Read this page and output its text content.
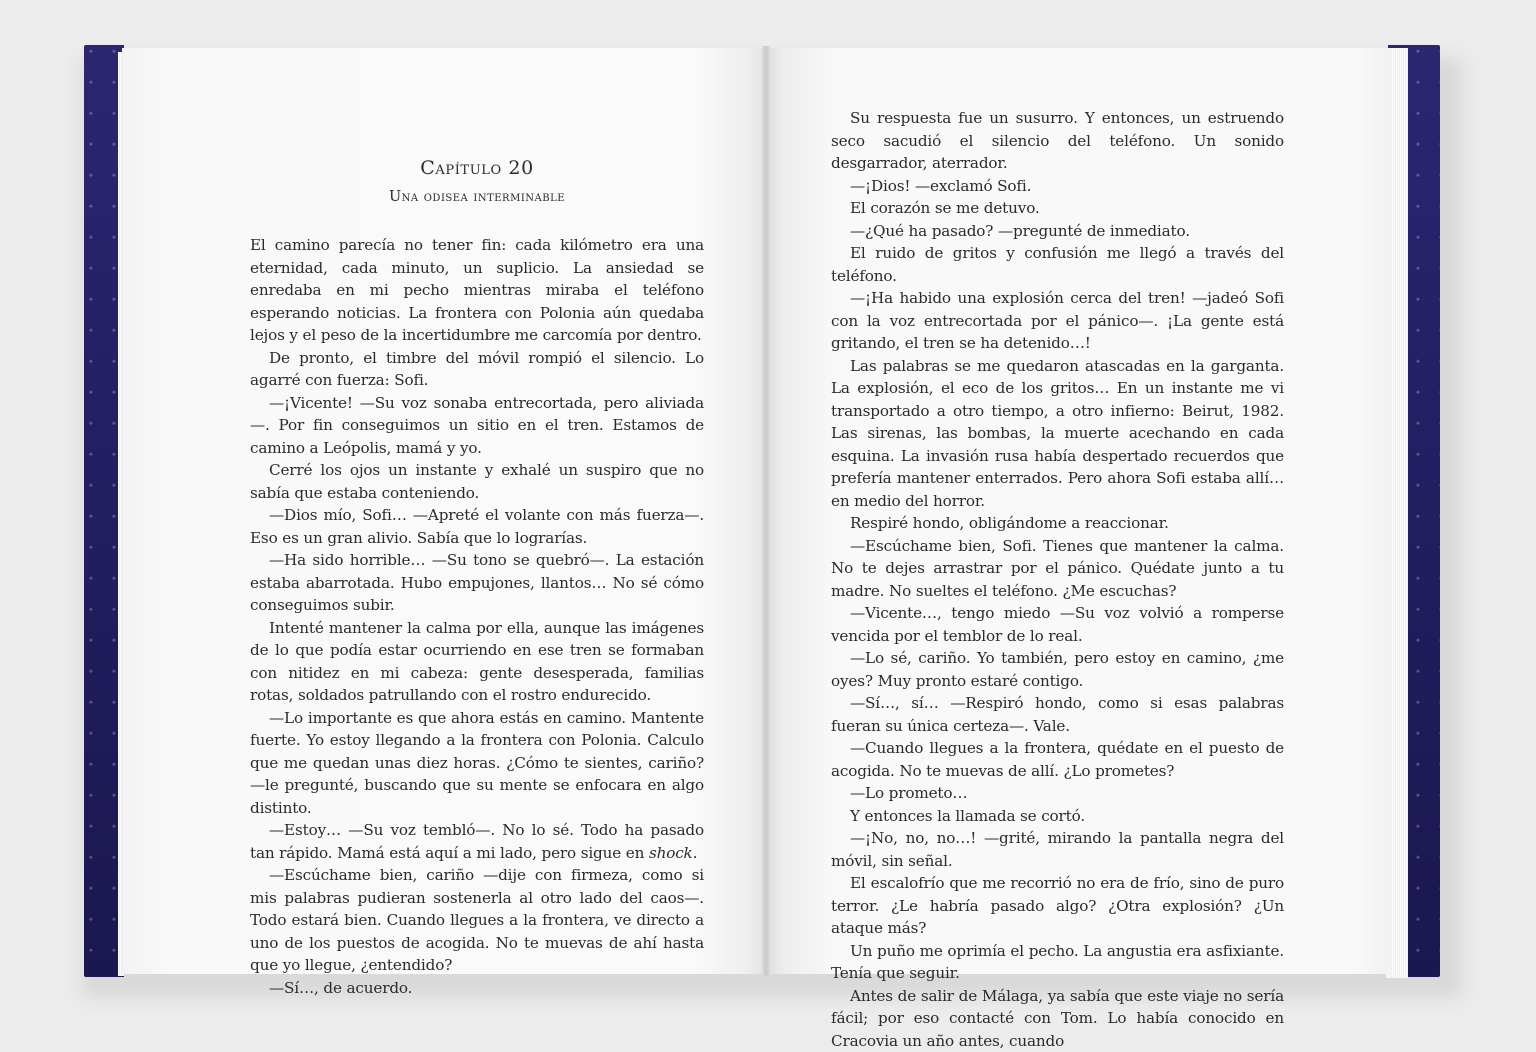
Capítulo 20
Una odisea interminable

El camino parecía no tener fin: cada kilómetro era una eternidad, cada minuto, un suplicio. La ansiedad se enredaba en mi pecho mientras miraba el teléfono esperando noticias. La frontera con Polonia aún quedaba lejos y el peso de la incertidumbre me carcomía por dentro.

De pronto, el timbre del móvil rompió el silencio. Lo agarré con fuerza: Sofi.

—¡Vicente! —Su voz sonaba entrecortada, pero aliviada—. Por fin conseguimos un sitio en el tren. Estamos de camino a Leópolis, mamá y yo.

Cerré los ojos un instante y exhalé un suspiro que no sabía que estaba conteniendo.

—Dios mío, Sofi… —Apreté el volante con más fuerza—. Eso es un gran alivio. Sabía que lo lograrías.

—Ha sido horrible… —Su tono se quebró—. La estación estaba abarrotada. Hubo empujones, llantos… No sé cómo conseguimos subir.

Intenté mantener la calma por ella, aunque las imágenes de lo que podía estar ocurriendo en ese tren se formaban con nitidez en mi cabeza: gente desesperada, familias rotas, soldados patrullando con el rostro endurecido.

—Lo importante es que ahora estás en camino. Mantente fuerte. Yo estoy llegando a la frontera con Polonia. Calculo que me quedan unas diez horas. ¿Cómo te sientes, cariño? —le pregunté, buscando que su mente se enfocara en algo distinto.

—Estoy… —Su voz tembló—. No lo sé. Todo ha pasado tan rápido. Mamá está aquí a mi lado, pero sigue en shock.

—Escúchame bien, cariño —dije con firmeza, como si mis palabras pudieran sostenerla al otro lado del caos—. Todo estará bien. Cuando llegues a la frontera, ve directo a uno de los puestos de acogida. No te muevas de ahí hasta que yo llegue, ¿entendido?

—Sí…, de acuerdo.

Su respuesta fue un susurro. Y entonces, un estruendo seco sacudió el silencio del teléfono. Un sonido desgarrador, aterrador.

—¡Dios! —exclamó Sofi.

El corazón se me detuvo.

—¿Qué ha pasado? —pregunté de inmediato.

El ruido de gritos y confusión me llegó a través del teléfono.

—¡Ha habido una explosión cerca del tren! —jadeó Sofi con la voz entrecortada por el pánico—. ¡La gente está gritando, el tren se ha detenido…!

Las palabras se me quedaron atascadas en la garganta. La explosión, el eco de los gritos… En un instante me vi transportado a otro tiempo, a otro infierno: Beirut, 1982. Las sirenas, las bombas, la muerte acechando en cada esquina. La invasión rusa había despertado recuerdos que prefería mantener enterrados. Pero ahora Sofi estaba allí… en medio del horror.

Respiré hondo, obligándome a reaccionar.

—Escúchame bien, Sofi. Tienes que mantener la calma. No te dejes arrastrar por el pánico. Quédate junto a tu madre. No sueltes el teléfono. ¿Me escuchas?

—Vicente…, tengo miedo —Su voz volvió a romperse vencida por el temblor de lo real.

—Lo sé, cariño. Yo también, pero estoy en camino, ¿me oyes? Muy pronto estaré contigo.

—Sí…, sí… —Respiró hondo, como si esas palabras fueran su única certeza—. Vale.

—Cuando llegues a la frontera, quédate en el puesto de acogida. No te muevas de allí. ¿Lo prometes?

—Lo prometo…

Y entonces la llamada se cortó.

—¡No, no, no…! —grité, mirando la pantalla negra del móvil, sin señal.

El escalofrío que me recorrió no era de frío, sino de puro terror. ¿Le habría pasado algo? ¿Otra explosión? ¿Un ataque más?

Un puño me oprimía el pecho. La angustia era asfixiante. Tenía que seguir.

Antes de salir de Málaga, ya sabía que este viaje no sería fácil; por eso contacté con Tom. Lo había conocido en Cracovia un año antes, cuando
